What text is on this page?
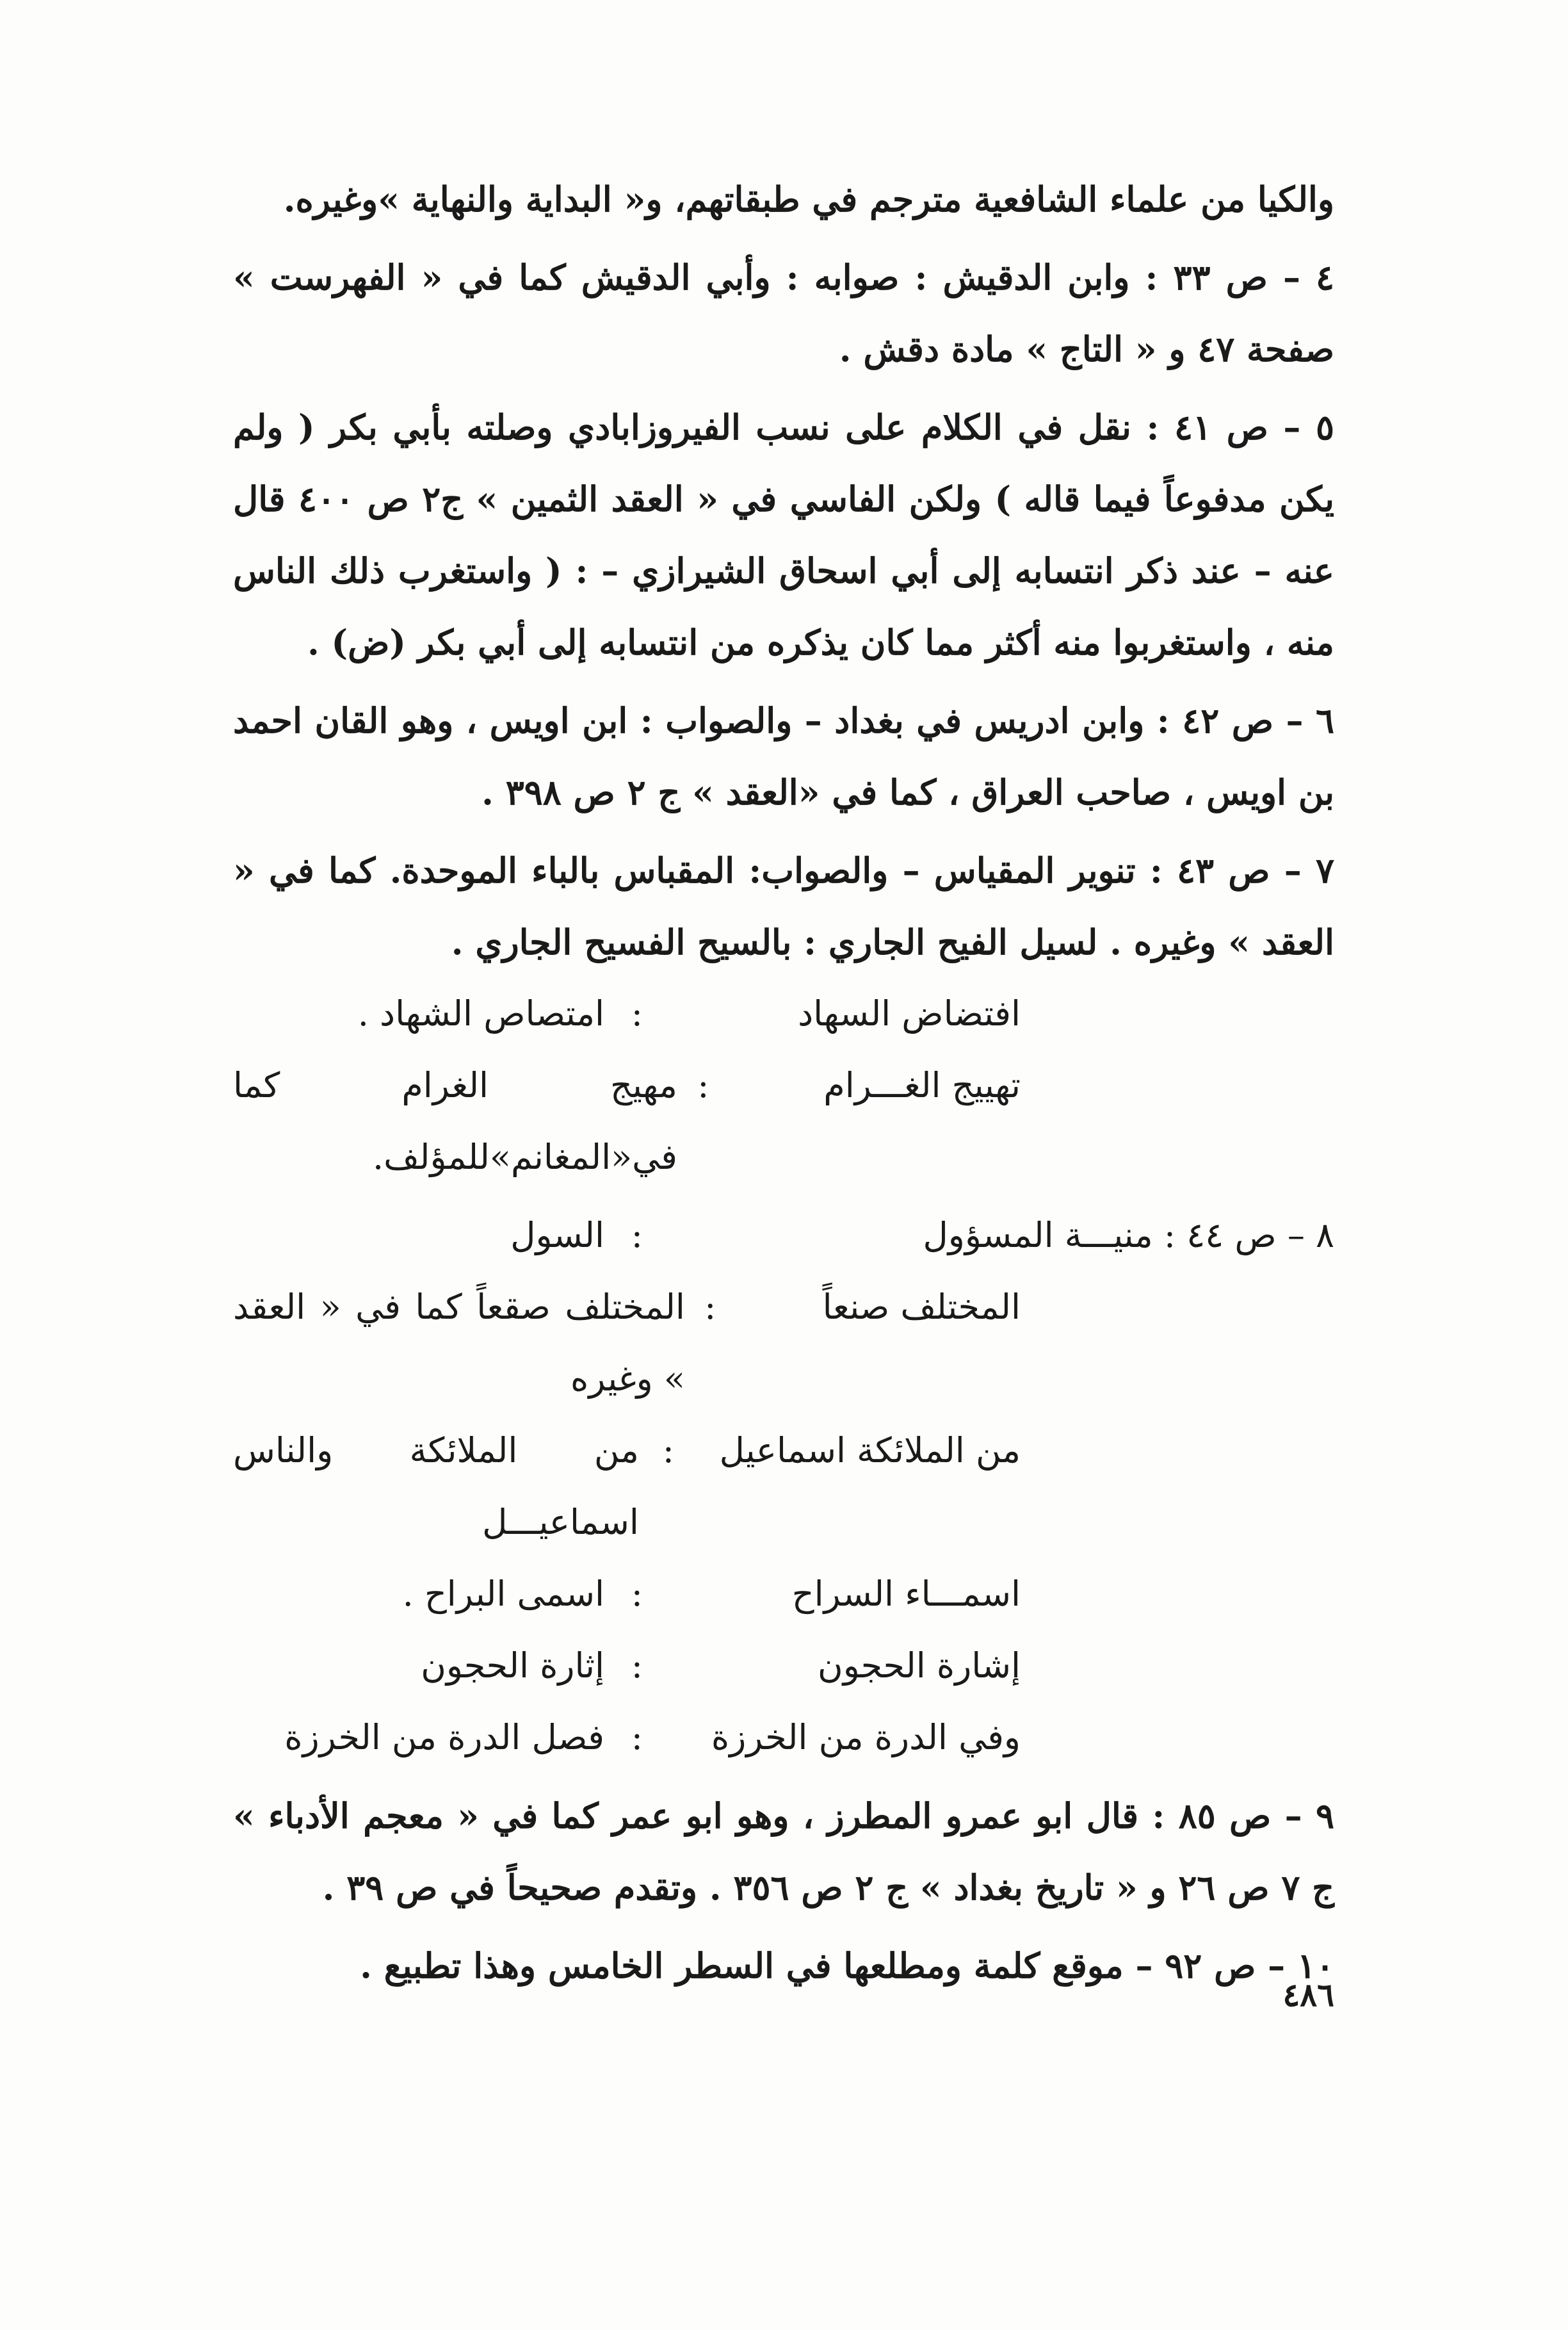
والكيا من علماء الشافعية مترجم في طبقاتهم، و« البداية والنهاية »وغيره.

٤ – ص ٣٣ : وابن الدقيش : صوابه : وأبي الدقيش كما في « الفهرست » صفحة ٤٧ و « التاج » مادة دقش .

٥ – ص ٤١ : نقل في الكلام على نسب الفيروزابادي وصلته بأبي بكر ( ولم يكن مدفوعاً فيما قاله ) ولكن الفاسي في « العقد الثمين » ج٢ ص ٤٠٠ قال عنه – عند ذكر انتسابه إلى أبي اسحاق الشيرازي – : ( واستغرب ذلك الناس منه ، واستغربوا منه أكثر مما كان يذكره من انتسابه إلى أبي بكر (ض) .

٦ – ص ٤٢ : وابن ادريس في بغداد – والصواب : ابن اويس ، وهو القان احمد بن اويس ، صاحب العراق ، كما في «العقد » ج ٢ ص ٣٩٨ .

٧ – ص ٤٣ : تنوير المقياس – والصواب: المقباس بالباء الموحدة. كما في « العقد » وغيره . لسيل الفيح الجاري : بالسيح الفسيح الجاري .
افتضاض السهاد
:
امتصاص الشهاد .
تهييج الغـــرام
:
مهيج الغرام كما في«المغانم»للمؤلف.
٨ – ص ٤٤ : منيـــة المسؤول
:
السول
المختلف صنعاً
:
المختلف صقعاً كما في « العقد » وغيره
من الملائكة اسماعيل
:
من الملائكة والناس اسماعيـــل
اسمـــاء السراح
:
اسمى البراح .
إشارة الحجون
:
إثارة الحجون
وفي الدرة من الخرزة
:
فصل الدرة من الخرزة

٩ – ص ٨٥ : قال ابو عمرو المطرز ، وهو ابو عمر كما في « معجم الأدباء » ج ٧ ص ٢٦ و « تاريخ بغداد » ج ٢ ص ٣٥٦ . وتقدم صحيحاً في ص ٣٩ .

١٠ – ص ٩٢ – موقع كلمة ومطلعها في السطر الخامس وهذا تطبيع .

٤٨٦
